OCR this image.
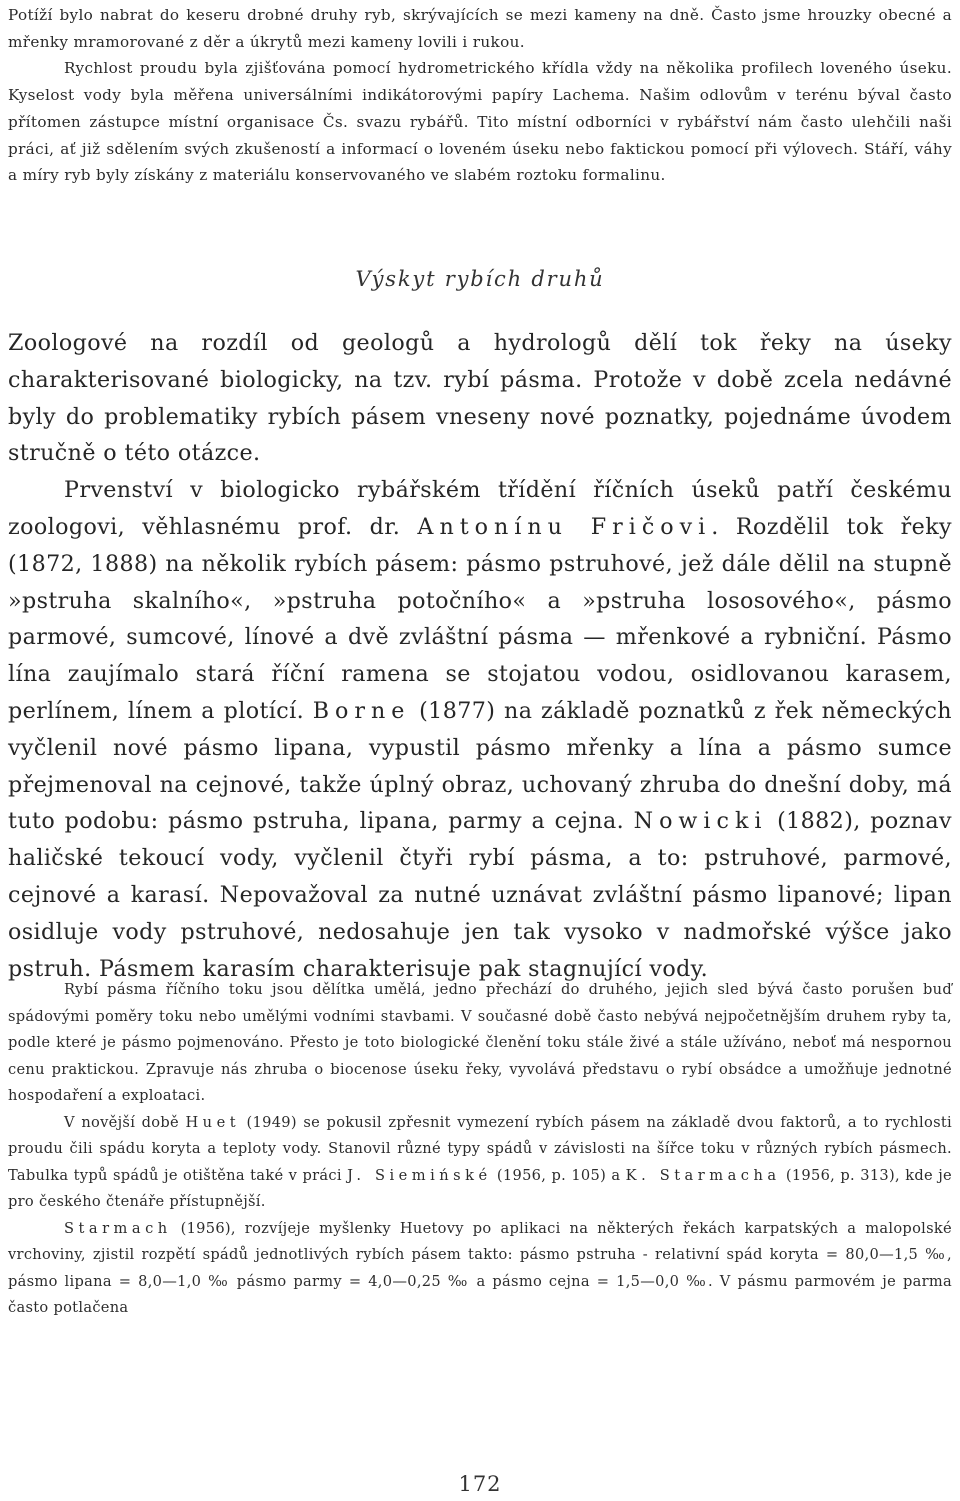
Potíží bylo nabrat do keseru drobné druhy ryb, skrývajících se mezi kameny na dně. Často jsme hrouzky obecné a mřenky mramorované z děr a úkrytů mezi kameny lovili i rukou.

Rychlost proudu byla zjišťována pomocí hydrometrického křídla vždy na několika profilech loveného úseku. Kyselost vody byla měřena universálními indikátorovými papíry Lachema. Našim odlovům v terénu býval často přítomen zástupce místní organisace Čs. svazu rybářů. Tito místní odborníci v rybářství nám často ulehčili naši práci, ať již sdělením svých zkušeností a informací o loveném úseku nebo faktickou pomocí při výlovech. Stáří, váhy a míry ryb byly získány z materiálu konservovaného ve slabém roztoku formalinu.

Výskyt rybích druhů

Zoologové na rozdíl od geologů a hydrologů dělí tok řeky na úseky charakterisované biologicky, na tzv. rybí pásma. Protože v době zcela nedávné byly do problematiky rybích pásem vneseny nové poznatky, pojednáme úvodem stručně o této otázce.

Prvenství v biologicko rybářském třídění říčních úseků patří českému zoologovi, věhlasnému prof. dr. Antonínu Fričovi. Rozdělil tok řeky (1872, 1888) na několik rybích pásem: pásmo pstruhové, jež dále dělil na stupně »pstruha skalního«, »pstruha potočního« a »pstruha lososového«, pásmo parmové, sumcové, línové a dvě zvláštní pásma — mřenkové a rybniční. Pásmo lína zaujímalo stará říční ramena se stojatou vodou, osidlovanou karasem, perlínem, línem a plotící. Borne (1877) na základě poznatků z řek německých vyčlenil nové pásmo lipana, vypustil pásmo mřenky a lína a pásmo sumce přejmenoval na cejnové, takže úplný obraz, uchovaný zhruba do dnešní doby, má tuto podobu: pásmo pstruha, lipana, parmy a cejna. Nowicki (1882), poznav haličské tekoucí vody, vyčlenil čtyři rybí pásma, a to: pstruhové, parmové, cejnové a karasí. Nepovažoval za nutné uznávat zvláštní pásmo lipanové; lipan osidluje vody pstruhové, nedosahuje jen tak vysoko v nadmořské výšce jako pstruh. Pásmem karasím charakterisuje pak stagnující vody.

Rybí pásma říčního toku jsou dělítka umělá, jedno přechází do druhého, jejich sled bývá často porušen buď spádovými poměry toku nebo umělými vodními stavbami. V současné době často nebývá nejpočetnějším druhem ryby ta, podle které je pásmo pojmenováno. Přesto je toto biologické členění toku stále živé a stále užíváno, neboť má nespornou cenu praktickou. Zpravuje nás zhruba o biocenose úseku řeky, vyvolává představu o rybí obsádce a umožňuje jednotné hospodaření a exploataci.

V novější době Huet (1949) se pokusil zpřesnit vymezení rybích pásem na základě dvou faktorů, a to rychlosti proudu čili spádu koryta a teploty vody. Stanovil různé typy spádů v závislosti na šířce toku v různých rybích pásmech. Tabulka typů spádů je otištěna také v práci J. Siemińské (1956, p. 105) a K. Starmacha (1956, p. 313), kde je pro českého čtenáře přístupnější.

Starmach (1956), rozvíjeje myšlenky Huetovy po aplikaci na některých řekách karpatských a malopolské vrchoviny, zjistil rozpětí spádů jednotlivých rybích pásem takto: pásmo pstruha - relativní spád koryta = 80,0—1,5 ‰, pásmo lipana = 8,0—1,0 ‰ pásmo parmy = 4,0—0,25 ‰ a pásmo cejna = 1,5—0,0 ‰. V pásmu parmovém je parma často potlačena

172
